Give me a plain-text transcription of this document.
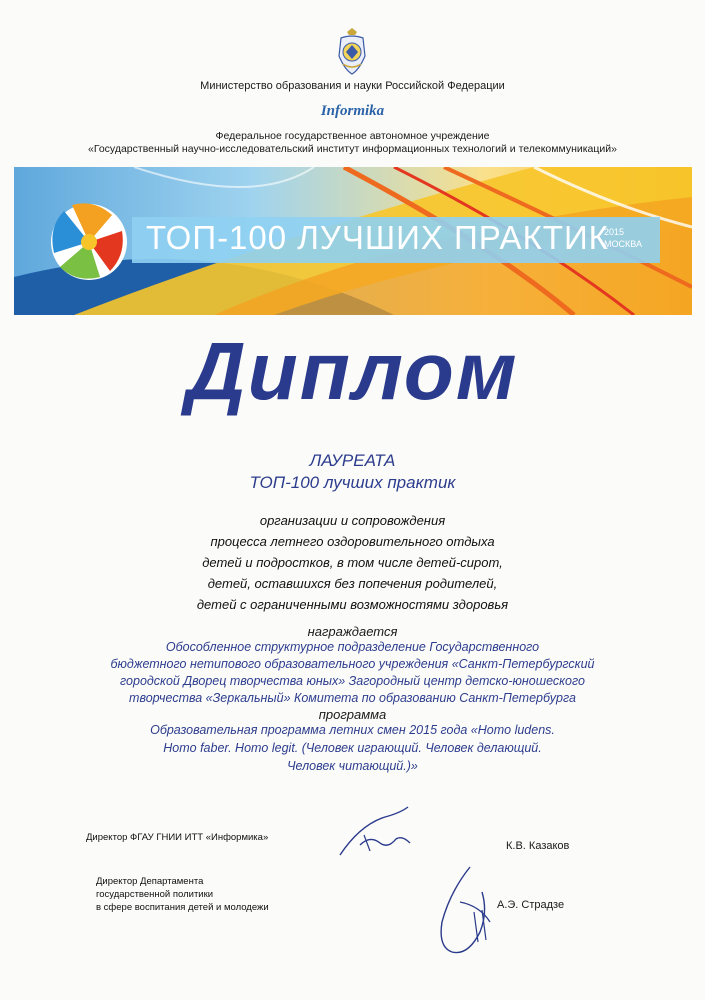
Министерство образования и науки Российской Федерации
Informika
Федеральное государственное автономное учреждение
«Государственный научно-исследовательский институт информационных технологий и телекоммуникаций»
ТОП-100 ЛУЧШИХ ПРАКТИК
2015
МОСКВА
Диплом
ЛАУРЕАТА
ТОП-100 лучших практик
организации и сопровождения
процесса летнего оздоровительного отдыха
детей и подростков, в том числе детей-сирот,
детей, оставшихся без попечения родителей,
детей с ограниченными возможностями здоровья
награждается
Обособленное структурное подразделение Государственного
бюджетного нетипового образовательного учреждения «Санкт-Петербургский
городской Дворец творчества юных» Загородный центр детско-юношеского
творчества «Зеркальный» Комитета по образованию Санкт-Петербурга
программа
Образовательная программа летних смен 2015 года «Homo ludens.
Homo faber. Homo legit. (Человек играющий. Человек делающий.
Человек читающий.)»
Директор ФГАУ ГНИИ ИТТ «Информика»
К.В. Казаков
Директор Департамента
государственной политики
в сфере воспитания детей и молодежи	А.Э. Страдзе
